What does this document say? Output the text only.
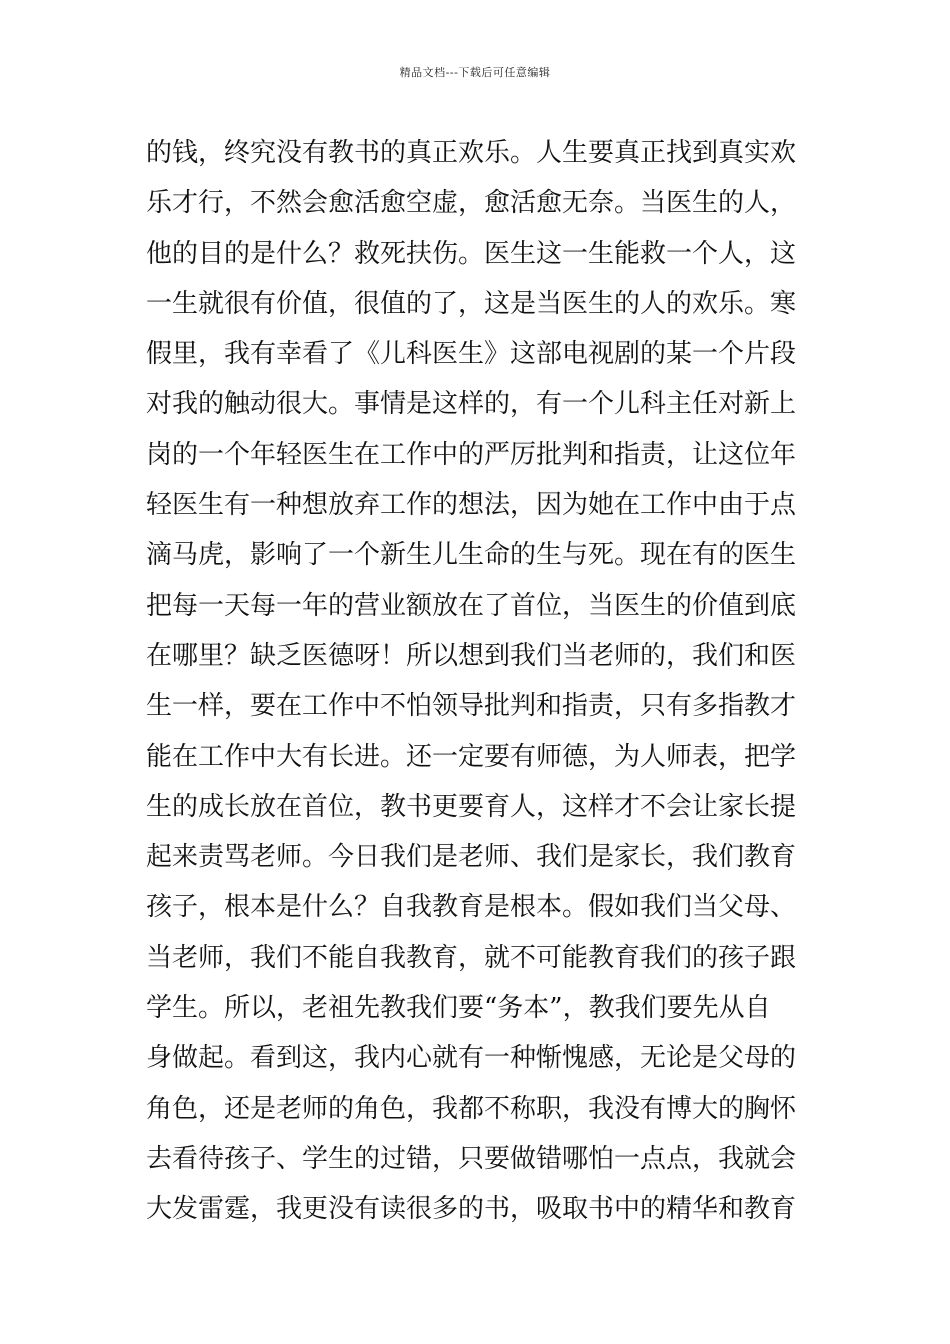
精品文档---下载后可任意编辑
的钱，终究没有教书的真正欢乐。人生要真正找到真实欢
乐才行，不然会愈活愈空虚，愈活愈无奈。当医生的人，
他的目的是什么？救死扶伤。医生这一生能救一个人，这
一生就很有价值，很值的了，这是当医生的人的欢乐。寒
假里，我有幸看了《儿科医生》这部电视剧的某一个片段
对我的触动很大。事情是这样的，有一个儿科主任对新上
岗的一个年轻医生在工作中的严厉批判和指责，让这位年
轻医生有一种想放弃工作的想法，因为她在工作中由于点
滴马虎，影响了一个新生儿生命的生与死。现在有的医生
把每一天每一年的营业额放在了首位，当医生的价值到底
在哪里？缺乏医德呀！所以想到我们当老师的，我们和医
生一样，要在工作中不怕领导批判和指责，只有多指教才
能在工作中大有长进。还一定要有师德，为人师表，把学
生的成长放在首位，教书更要育人，这样才不会让家长提
起来责骂老师。今日我们是老师、我们是家长，我们教育
孩子，根本是什么？自我教育是根本。假如我们当父母、
当老师，我们不能自我教育，就不可能教育我们的孩子跟
学生。所以，老祖先教我们要“务本”，教我们要先从自
身做起。看到这，我内心就有一种惭愧感，无论是父母的
角色，还是老师的角色，我都不称职，我没有博大的胸怀
去看待孩子、学生的过错，只要做错哪怕一点点，我就会
大发雷霆，我更没有读很多的书，吸取书中的精华和教育
